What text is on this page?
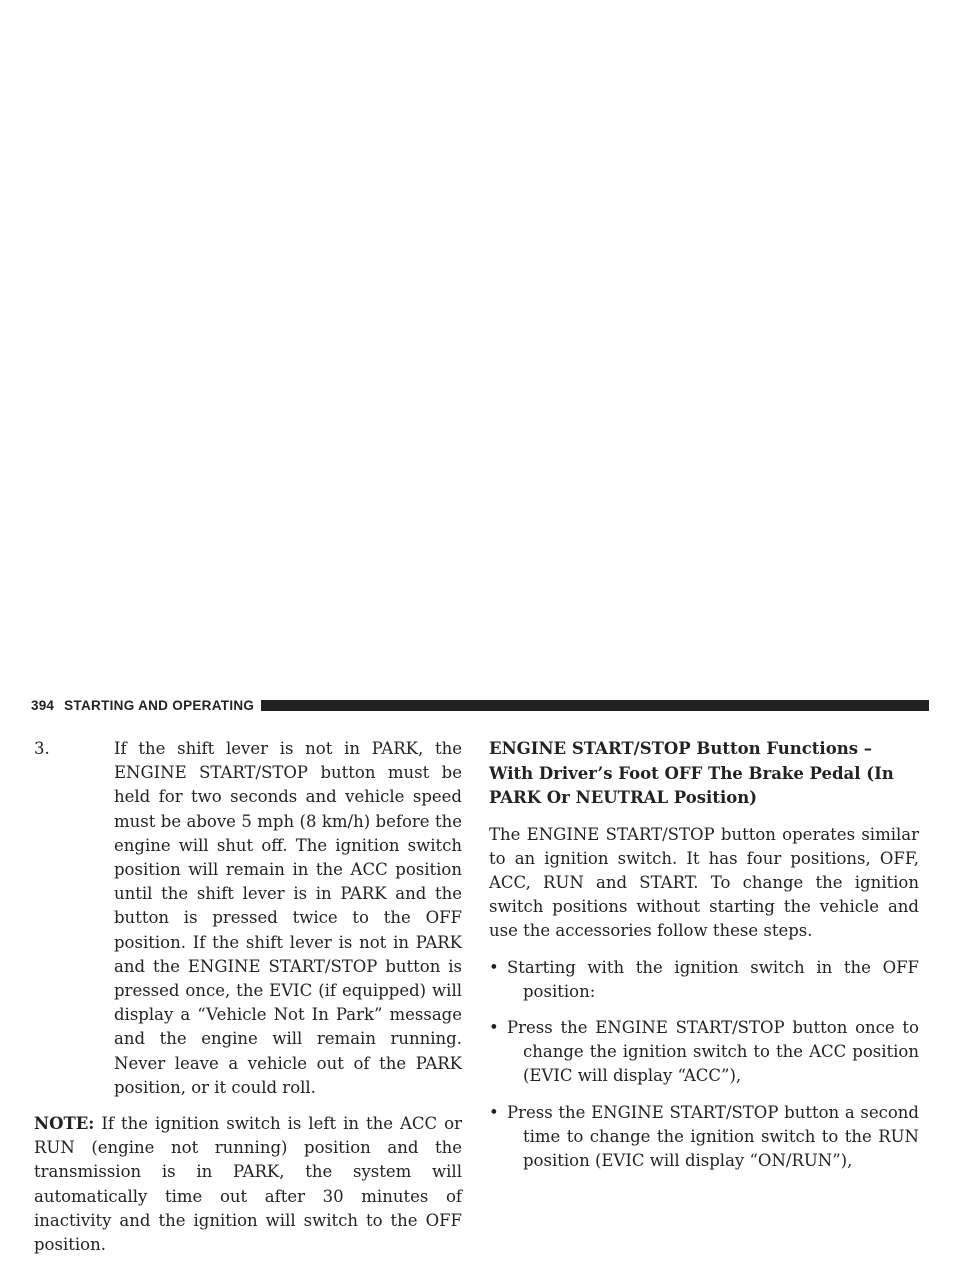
394 STARTING AND OPERATING
3.	If the shift lever is not in PARK, the ENGINE START/STOP button must be held for two seconds and vehicle speed must be above 5 mph (8 km/h) before the engine will shut off. The ignition switch position will remain in the ACC position until the shift lever is in PARK and the button is pressed twice to the OFF position. If the shift lever is not in PARK and the ENGINE START/STOP button is pressed once, the EVIC (if equipped) will display a “Vehicle Not In Park” message and the engine will remain running. Never leave a vehicle out of the PARK position, or it could roll.

NOTE: If the ignition switch is left in the ACC or RUN (engine not running) position and the transmission is in PARK, the system will automatically time out after 30 minutes of inactivity and the ignition will switch to the OFF position.

ENGINE START/STOP Button Functions – With Driver’s Foot OFF The Brake Pedal (In PARK Or NEUTRAL Position)

The ENGINE START/STOP button operates similar to an ignition switch. It has four positions, OFF, ACC, RUN and START. To change the ignition switch positions without starting the vehicle and use the accessories follow these steps.

• Starting with the ignition switch in the OFF position:
• Press the ENGINE START/STOP button once to change the ignition switch to the ACC position (EVIC will display “ACC”),
• Press the ENGINE START/STOP button a second time to change the ignition switch to the RUN position (EVIC will display “ON/RUN”),
